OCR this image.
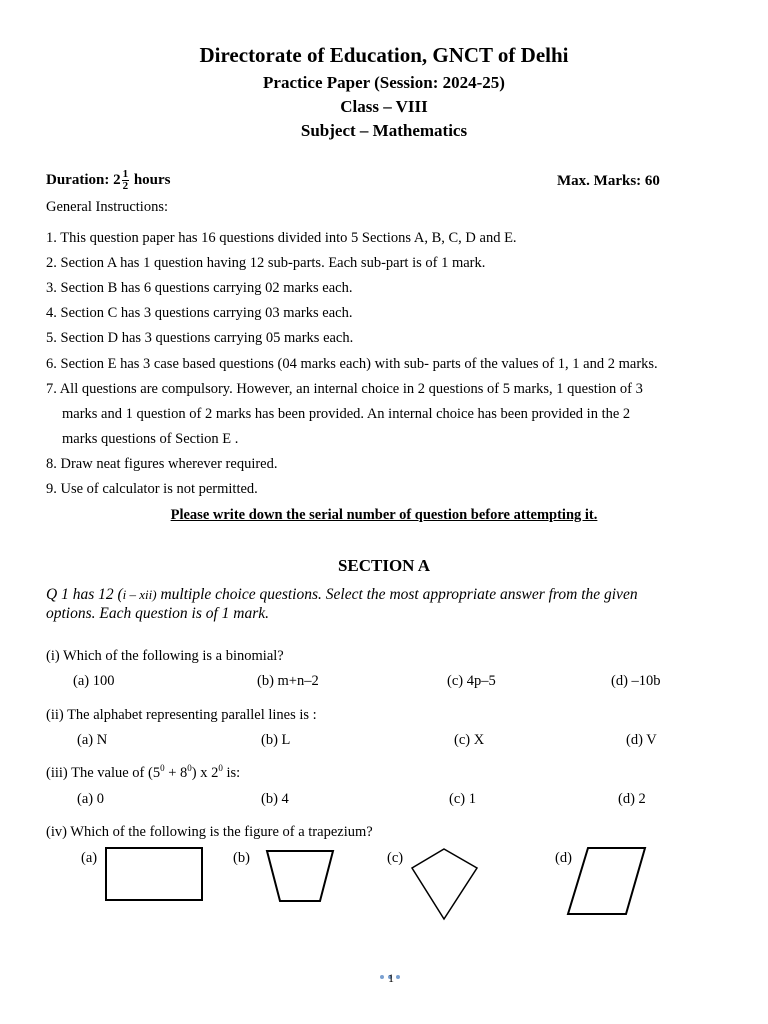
Directorate of Education, GNCT of Delhi
Practice Paper (Session: 2024-25)
Class – VIII
Subject – Mathematics
Duration: $2 \frac{1}{2}$ hours	Max. Marks: 60
General Instructions:
1. This question paper has 16 questions divided into 5 Sections A, B, C, D and E.
2. Section A has 1 question having 12 sub-parts. Each sub-part is of 1 mark.
3. Section B has 6 questions carrying 02 marks each.
4. Section C has 3 questions carrying 03 marks each.
5. Section D has 3 questions carrying 05 marks each.
6. Section E has 3 case based questions (04 marks each) with sub- parts of the values of 1, 1 and 2 marks.
7. All questions are compulsory. However, an internal choice in 2 questions of 5 marks, 1 question of 3
marks and 1 question of 2 marks has been provided. An internal choice has been provided in the 2
marks questions of Section E .
8. Draw neat figures wherever required.
9. Use of calculator is not permitted.
Please write down the serial number of question before attempting it.
SECTION A
Q 1 has 12 (i – xii) multiple choice questions. Select the most appropriate answer from the given
options. Each question is of 1 mark.
(i) Which of the following is a binomial?
(a) 100	(b) m+n–2	(c) 4p–5	(d) –10b
(ii) The alphabet representing parallel lines is :
(a) N	(b) L	(c) X	(d) V
(iii) The value of $(5^0 + 8^0)$ x $2^0$ is:
(a) 0	(b) 4	(c) 1	(d) 2
(iv) Which of the following is the figure of a trapezium?
(a)	(b)	(c)	(d)
1
